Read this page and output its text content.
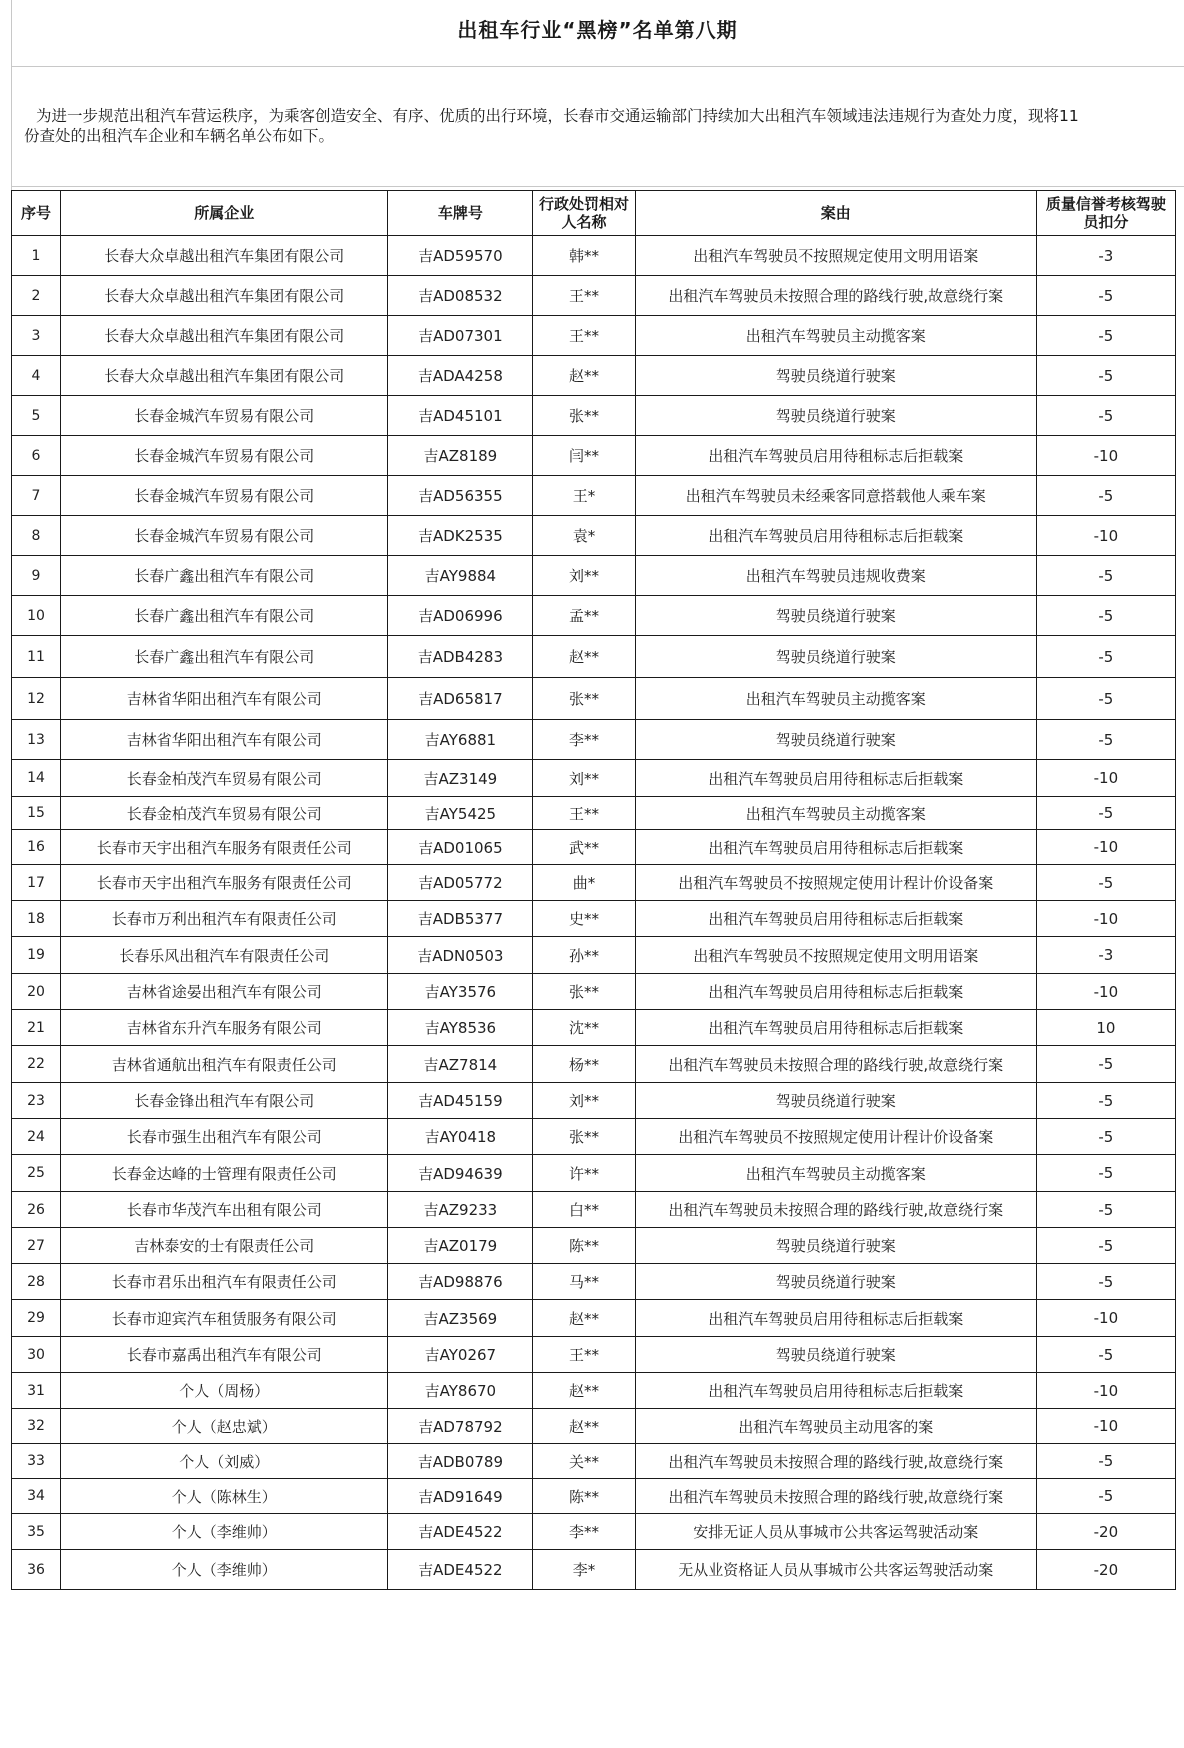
出租车行业“黑榜”名单第八期
为进一步规范出租汽车营运秩序，为乘客创造安全、有序、优质的出行环境，长春市交通运输部门持续加大出租汽车领域违法违规行为查处力度，现将11
份查处的出租汽车企业和车辆名单公布如下。
序号	所属企业	车牌号	行政处罚相对人名称	案由	质量信誉考核驾驶员扣分
1	长春大众卓越出租汽车集团有限公司	吉AD59570	韩**	出租汽车驾驶员不按照规定使用文明用语案	-3
2	长春大众卓越出租汽车集团有限公司	吉AD08532	王**	出租汽车驾驶员未按照合理的路线行驶,故意绕行案	-5
3	长春大众卓越出租汽车集团有限公司	吉AD07301	王**	出租汽车驾驶员主动揽客案	-5
4	长春大众卓越出租汽车集团有限公司	吉ADA4258	赵**	驾驶员绕道行驶案	-5
5	长春金城汽车贸易有限公司	吉AD45101	张**	驾驶员绕道行驶案	-5
6	长春金城汽车贸易有限公司	吉AZ8189	闫**	出租汽车驾驶员启用待租标志后拒载案	-10
7	长春金城汽车贸易有限公司	吉AD56355	王*	出租汽车驾驶员未经乘客同意搭载他人乘车案	-5
8	长春金城汽车贸易有限公司	吉ADK2535	袁*	出租汽车驾驶员启用待租标志后拒载案	-10
9	长春广鑫出租汽车有限公司	吉AY9884	刘**	出租汽车驾驶员违规收费案	-5
10	长春广鑫出租汽车有限公司	吉AD06996	孟**	驾驶员绕道行驶案	-5
11	长春广鑫出租汽车有限公司	吉ADB4283	赵**	驾驶员绕道行驶案	-5
12	吉林省华阳出租汽车有限公司	吉AD65817	张**	出租汽车驾驶员主动揽客案	-5
13	吉林省华阳出租汽车有限公司	吉AY6881	李**	驾驶员绕道行驶案	-5
14	长春金柏茂汽车贸易有限公司	吉AZ3149	刘**	出租汽车驾驶员启用待租标志后拒载案	-10
15	长春金柏茂汽车贸易有限公司	吉AY5425	王**	出租汽车驾驶员主动揽客案	-5
16	长春市天宇出租汽车服务有限责任公司	吉AD01065	武**	出租汽车驾驶员启用待租标志后拒载案	-10
17	长春市天宇出租汽车服务有限责任公司	吉AD05772	曲*	出租汽车驾驶员不按照规定使用计程计价设备案	-5
18	长春市万利出租汽车有限责任公司	吉ADB5377	史**	出租汽车驾驶员启用待租标志后拒载案	-10
19	长春乐风出租汽车有限责任公司	吉ADN0503	孙**	出租汽车驾驶员不按照规定使用文明用语案	-3
20	吉林省途晏出租汽车有限公司	吉AY3576	张**	出租汽车驾驶员启用待租标志后拒载案	-10
21	吉林省东升汽车服务有限公司	吉AY8536	沈**	出租汽车驾驶员启用待租标志后拒载案	10
22	吉林省通航出租汽车有限责任公司	吉AZ7814	杨**	出租汽车驾驶员未按照合理的路线行驶,故意绕行案	-5
23	长春金锋出租汽车有限公司	吉AD45159	刘**	驾驶员绕道行驶案	-5
24	长春市强生出租汽车有限公司	吉AY0418	张**	出租汽车驾驶员不按照规定使用计程计价设备案	-5
25	长春金达峰的士管理有限责任公司	吉AD94639	许**	出租汽车驾驶员主动揽客案	-5
26	长春市华茂汽车出租有限公司	吉AZ9233	白**	出租汽车驾驶员未按照合理的路线行驶,故意绕行案	-5
27	吉林泰安的士有限责任公司	吉AZ0179	陈**	驾驶员绕道行驶案	-5
28	长春市君乐出租汽车有限责任公司	吉AD98876	马**	驾驶员绕道行驶案	-5
29	长春市迎宾汽车租赁服务有限公司	吉AZ3569	赵**	出租汽车驾驶员启用待租标志后拒载案	-10
30	长春市嘉禹出租汽车有限公司	吉AY0267	王**	驾驶员绕道行驶案	-5
31	个人（周杨）	吉AY8670	赵**	出租汽车驾驶员启用待租标志后拒载案	-10
32	个人（赵忠斌）	吉AD78792	赵**	出租汽车驾驶员主动甩客的案	-10
33	个人（刘威）	吉ADB0789	关**	出租汽车驾驶员未按照合理的路线行驶,故意绕行案	-5
34	个人（陈林生）	吉AD91649	陈**	出租汽车驾驶员未按照合理的路线行驶,故意绕行案	-5
35	个人（李维帅）	吉ADE4522	李**	安排无证人员从事城市公共客运驾驶活动案	-20
36	个人（李维帅）	吉ADE4522	李*	无从业资格证人员从事城市公共客运驾驶活动案	-20
